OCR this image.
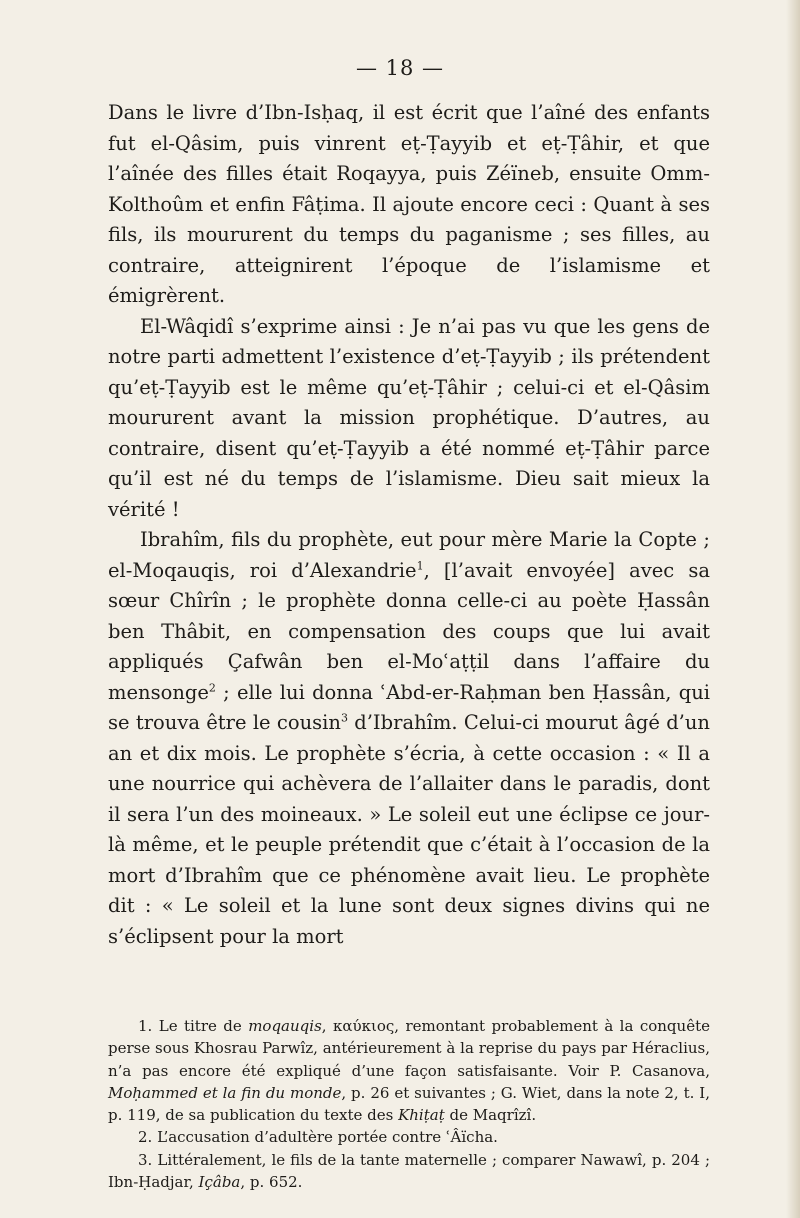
— 18 —

Dans le livre d’Ibn-Isḥaq, il est écrit que l’aîné des enfants fut el-Qâsim, puis vinrent eṭ-Ṭayyib et eṭ-Ṭâhir, et que l’aînée des filles était Roqayya, puis Zéïneb, ensuite Omm-Kolthoûm et enfin Fâṭima. Il ajoute encore ceci : Quant à ses fils, ils moururent du temps du paganisme ; ses filles, au contraire, atteignirent l’époque de l’islamisme et émigrèrent.

El-Wâqidî s’exprime ainsi : Je n’ai pas vu que les gens de notre parti admettent l’existence d’eṭ-Ṭayyib ; ils prétendent qu’eṭ-Ṭayyib est le même qu’eṭ-Ṭâhir ; celui-ci et el-Qâsim moururent avant la mission prophétique. D’autres, au contraire, disent qu’eṭ-Ṭayyib a été nommé eṭ-Ṭâhir parce qu’il est né du temps de l’islamisme. Dieu sait mieux la vérité !

Ibrahîm, fils du prophète, eut pour mère Marie la Copte ; el-Moqauqis, roi d’Alexandrie$^1$, [l’avait envoyée] avec sa sœur Chîrîn ; le prophète donna celle-ci au poète Ḥassân ben Thâbit, en compensation des coups que lui avait appliqués Çafwân ben el-Moʿaṭṭil dans l’affaire du mensonge$^2$ ; elle lui donna ʿAbd-er-Raḥman ben Ḥassân, qui se trouva être le cousin$^3$ d’Ibrahîm. Celui-ci mourut âgé d’un an et dix mois. Le prophète s’écria, à cette occasion : « Il a une nourrice qui achèvera de l’allaiter dans le paradis, dont il sera l’un des moineaux. » Le soleil eut une éclipse ce jour-là même, et le peuple prétendit que c’était à l’occasion de la mort d’Ibrahîm que ce phénomène avait lieu. Le prophète dit : « Le soleil et la lune sont deux signes divins qui ne s’éclipsent pour la mort

1. Le titre de moqauqis, καύκιος, remontant probablement à la conquête perse sous Khosrau Parwîz, antérieurement à la reprise du pays par Héraclius, n’a pas encore été expliqué d’une façon satisfaisante. Voir P. Casanova, Moḥammed et la fin du monde, p. 26 et suivantes ; G. Wiet, dans la note 2, t. I, p. 119, de sa publication du texte des Khiṭaṭ de Maqrîzî.

2. L’accusation d’adultère portée contre ʿÂïcha.

3. Littéralement, le fils de la tante maternelle ; comparer Nawawî, p. 204 ; Ibn-Ḥadjar, Içâba, p. 652.
